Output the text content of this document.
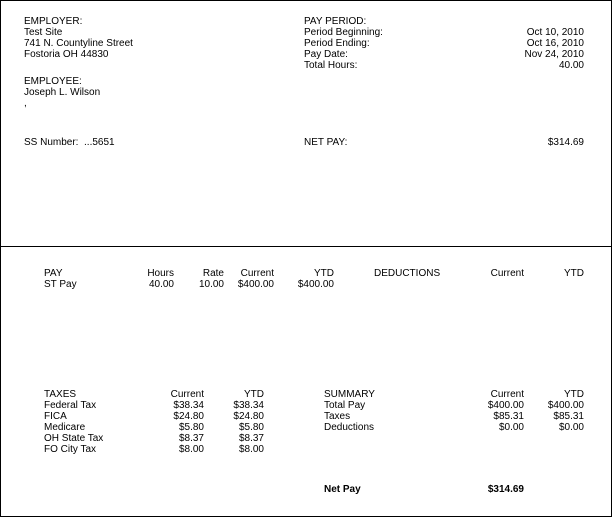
EMPLOYER:
Test Site
741 N. Countyline Street
Fostoria OH 44830
EMPLOYEE:
Joseph L. Wilson
,
SS Number: ...5651
PAY PERIOD:
Period Beginning:	Oct 10, 2010
Period Ending:	Oct 16, 2010
Pay Date:	Nov 24, 2010
Total Hours:	40.00
NET PAY:	$314.69
PAY	Hours	Rate	Current	YTD
ST Pay	40.00	10.00	$400.00	$400.00
DEDUCTIONS	Current	YTD
TAXES	Current	YTD
Federal Tax	$38.34	$38.34
FICA	$24.80	$24.80
Medicare	$5.80	$5.80
OH State Tax	$8.37	$8.37
FO City Tax	$8.00	$8.00
SUMMARY	Current	YTD
Total Pay	$400.00	$400.00
Taxes	$85.31	$85.31
Deductions	$0.00	$0.00
Net Pay	$314.69
